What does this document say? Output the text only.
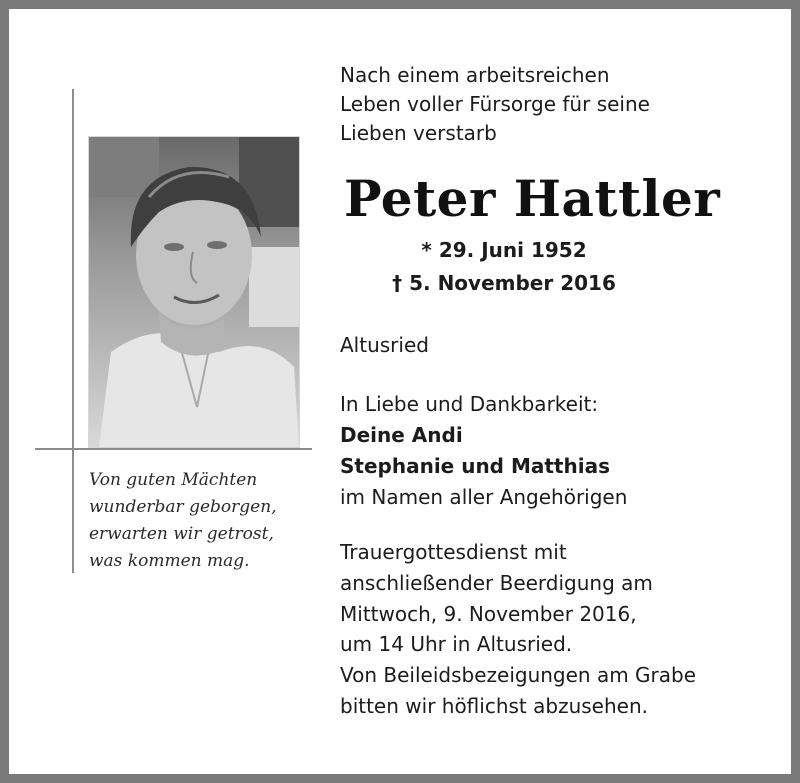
Von guten Mächten
wunderbar geborgen,
erwarten wir getrost,
was kommen mag.
Nach einem arbeitsreichen
Leben voller Fürsorge für seine
Lieben verstarb
Peter Hattler
* 29. Juni 1952
† 5. November 2016
Altusried
In Liebe und Dankbarkeit:
Deine Andi
Stephanie und Matthias
im Namen aller Angehörigen
Trauergottesdienst mit
anschließender Beerdigung am
Mittwoch, 9. November 2016,
um 14 Uhr in Altusried.
Von Beileidsbezeigungen am Grabe
bitten wir höflichst abzusehen.
